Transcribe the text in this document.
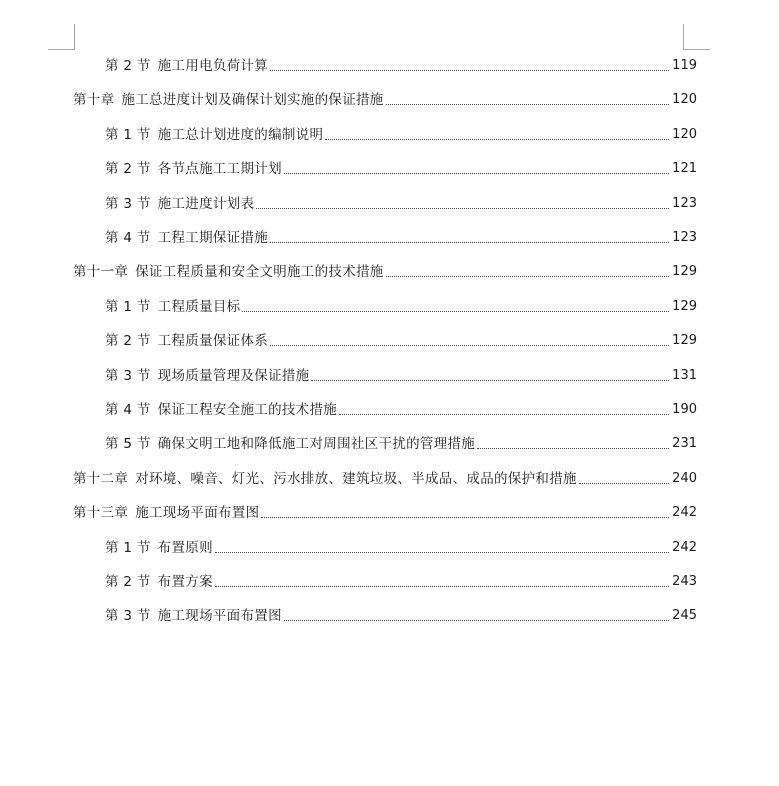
第 2 节 施工用电负荷计算	119
第十章 施工总进度计划及确保计划实施的保证措施	120
第 1 节 施工总计划进度的编制说明	120
第 2 节 各节点施工工期计划	121
第 3 节 施工进度计划表	123
第 4 节 工程工期保证措施	123
第十一章 保证工程质量和安全文明施工的技术措施	129
第 1 节 工程质量目标	129
第 2 节 工程质量保证体系	129
第 3 节 现场质量管理及保证措施	131
第 4 节 保证工程安全施工的技术措施	190
第 5 节 确保文明工地和降低施工对周围社区干扰的管理措施	231
第十二章 对环境、噪音、灯光、污水排放、建筑垃圾、半成品、成品的保护和措施	240
第十三章 施工现场平面布置图	242
第 1 节 布置原则	242
第 2 节 布置方案	243
第 3 节 施工现场平面布置图	245
